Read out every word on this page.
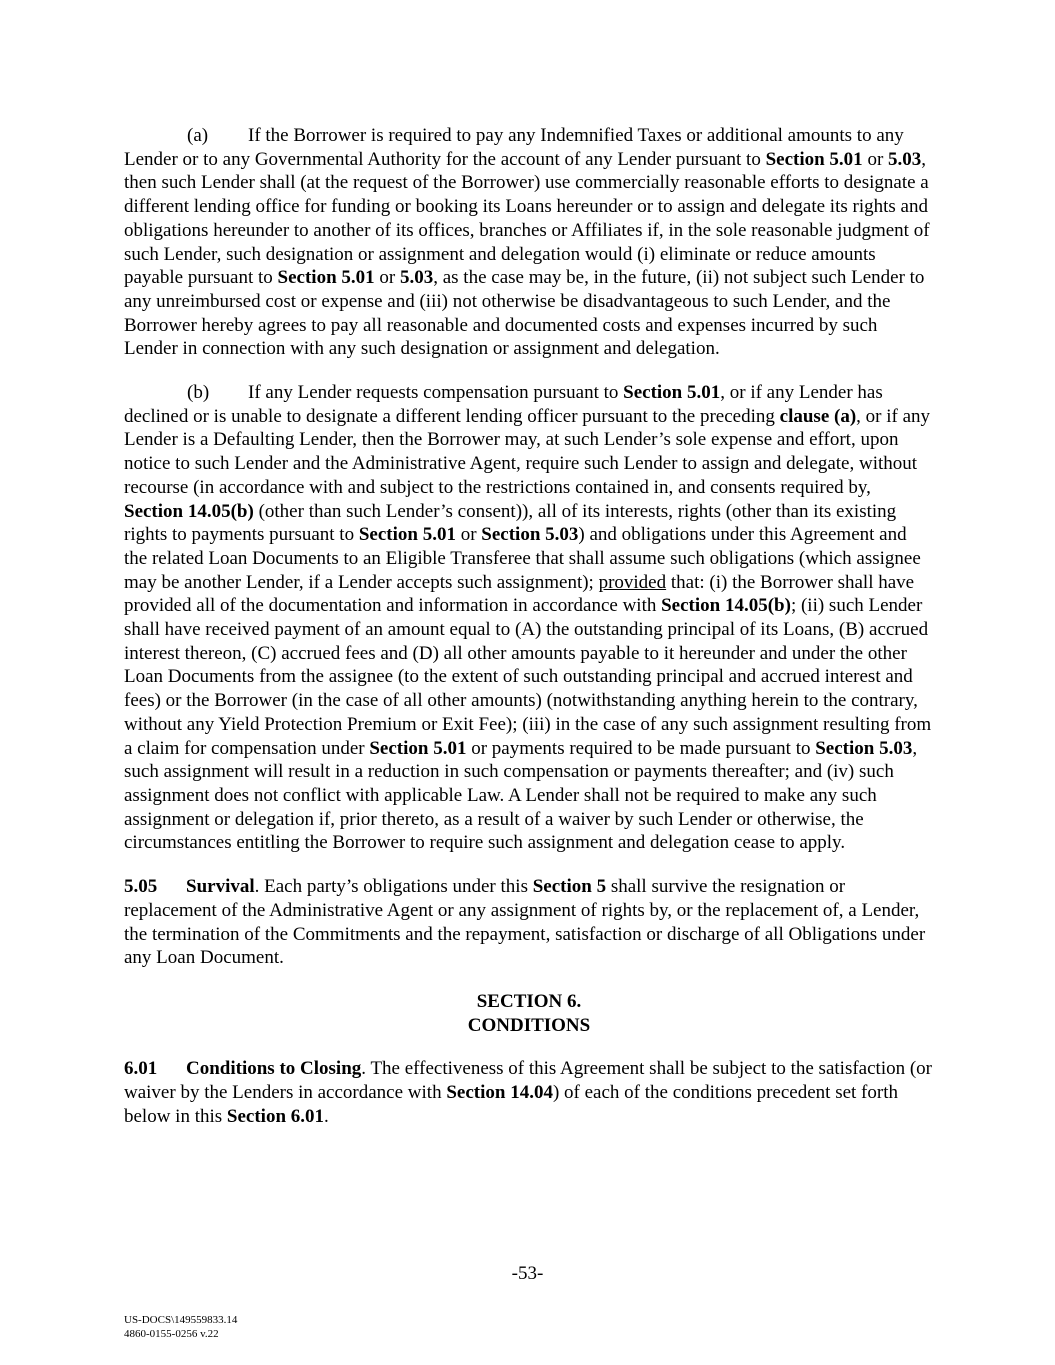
(a) If the Borrower is required to pay any Indemnified Taxes or additional amounts to any Lender or to any Governmental Authority for the account of any Lender pursuant to Section 5.01 or 5.03, then such Lender shall (at the request of the Borrower) use commercially reasonable efforts to designate a different lending office for funding or booking its Loans hereunder or to assign and delegate its rights and obligations hereunder to another of its offices, branches or Affiliates if, in the sole reasonable judgment of such Lender, such designation or assignment and delegation would (i) eliminate or reduce amounts payable pursuant to Section 5.01 or 5.03, as the case may be, in the future, (ii) not subject such Lender to any unreimbursed cost or expense and (iii) not otherwise be disadvantageous to such Lender, and the Borrower hereby agrees to pay all reasonable and documented costs and expenses incurred by such Lender in connection with any such designation or assignment and delegation.

(b) If any Lender requests compensation pursuant to Section 5.01, or if any Lender has declined or is unable to designate a different lending officer pursuant to the preceding clause (a), or if any Lender is a Defaulting Lender, then the Borrower may, at such Lender’s sole expense and effort, upon notice to such Lender and the Administrative Agent, require such Lender to assign and delegate, without recourse (in accordance with and subject to the restrictions contained in, and consents required by, Section 14.05(b) (other than such Lender’s consent)), all of its interests, rights (other than its existing rights to payments pursuant to Section 5.01 or Section 5.03) and obligations under this Agreement and the related Loan Documents to an Eligible Transferee that shall assume such obligations (which assignee may be another Lender, if a Lender accepts such assignment); provided that: (i) the Borrower shall have provided all of the documentation and information in accordance with Section 14.05(b); (ii) such Lender shall have received payment of an amount equal to (A) the outstanding principal of its Loans, (B) accrued interest thereon, (C) accrued fees and (D) all other amounts payable to it hereunder and under the other Loan Documents from the assignee (to the extent of such outstanding principal and accrued interest and fees) or the Borrower (in the case of all other amounts) (notwithstanding anything herein to the contrary, without any Yield Protection Premium or Exit Fee); (iii) in the case of any such assignment resulting from a claim for compensation under Section 5.01 or payments required to be made pursuant to Section 5.03, such assignment will result in a reduction in such compensation or payments thereafter; and (iv) such assignment does not conflict with applicable Law. A Lender shall not be required to make any such assignment or delegation if, prior thereto, as a result of a waiver by such Lender or otherwise, the circumstances entitling the Borrower to require such assignment and delegation cease to apply.

5.05 Survival. Each party’s obligations under this Section 5 shall survive the resignation or replacement of the Administrative Agent or any assignment of rights by, or the replacement of, a Lender, the termination of the Commitments and the repayment, satisfaction or discharge of all Obligations under any Loan Document.

SECTION 6.
CONDITIONS

6.01 Conditions to Closing. The effectiveness of this Agreement shall be subject to the satisfaction (or waiver by the Lenders in accordance with Section 14.04) of each of the conditions precedent set forth below in this Section 6.01.

-53-
US-DOCS\149559833.14
4860-0155-0256 v.22
